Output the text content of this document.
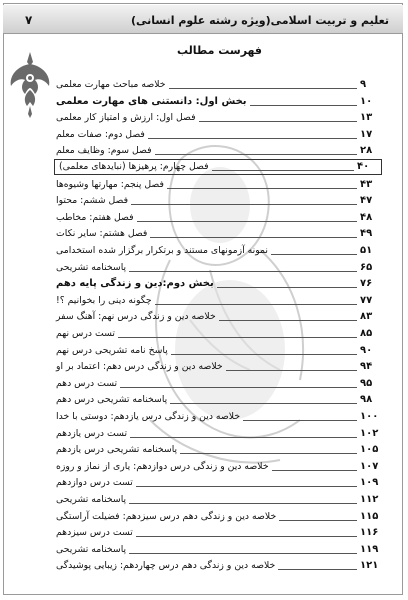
تعلیم و تربیت اسلامی(ویژه رشته علوم انسانی)
۷
فهرست مطالب
خلاصه مباحث مهارت معلمی	۹
بخش اول: دانستنی های مهارت معلمی	۱۰
فصل اول: ارزش و امتیاز کار معلمی	۱۳
فصل دوم: صفات معلم	۱۷
فصل سوم: وظایف معلم	۲۸
فصل چهارم: پرهیزها (نبایدهای معلمی)	۴۰
فصل پنجم: مهارتها وشیوه‌ها	۴۳
فصل ششم: محتوا	۴۷
فصل هفتم: مخاطب	۴۸
فصل هشتم: سایر نکات	۴۹
نمونه آزمونهای مستند و برتکرار برگزار شده استخدامی	۵۱
پاسخنامه تشریحی	۶۵
بخش دوم:دین و زندگی پایه دهم	۷۶
چگونه دینی را بخوانیم ؟!	۷۷
خلاصه دین و زندگی درس نهم: آهنگ سفر	۸۳
تست درس نهم	۸۵
پاسخ نامه تشریحی درس نهم	۹۰
خلاصه دین و زندگی درس دهم: اعتماد بر او	۹۴
تست درس دهم	۹۵
پاسخنامه تشریحی درس دهم	۹۸
خلاصه دین و زندگی درس یازدهم: دوستی با خدا	۱۰۰
تست درس یازدهم	۱۰۲
پاسخنامه تشریحی درس یازدهم	۱۰۵
خلاصه دین و زندگی درس دوازدهم: یاری از نماز و روزه	۱۰۷
تست درس دوازدهم	۱۰۹
پاسخنامه تشریحی	۱۱۲
خلاصه دین و زندگی دهم درس سیزدهم: فضیلت آراستگی	۱۱۵
تست درس سیزدهم	۱۱۶
پاسخنامه تشریحی	۱۱۹
خلاصه دین و زندگی دهم درس چهاردهم: زیبایی پوشیدگی	۱۲۱
